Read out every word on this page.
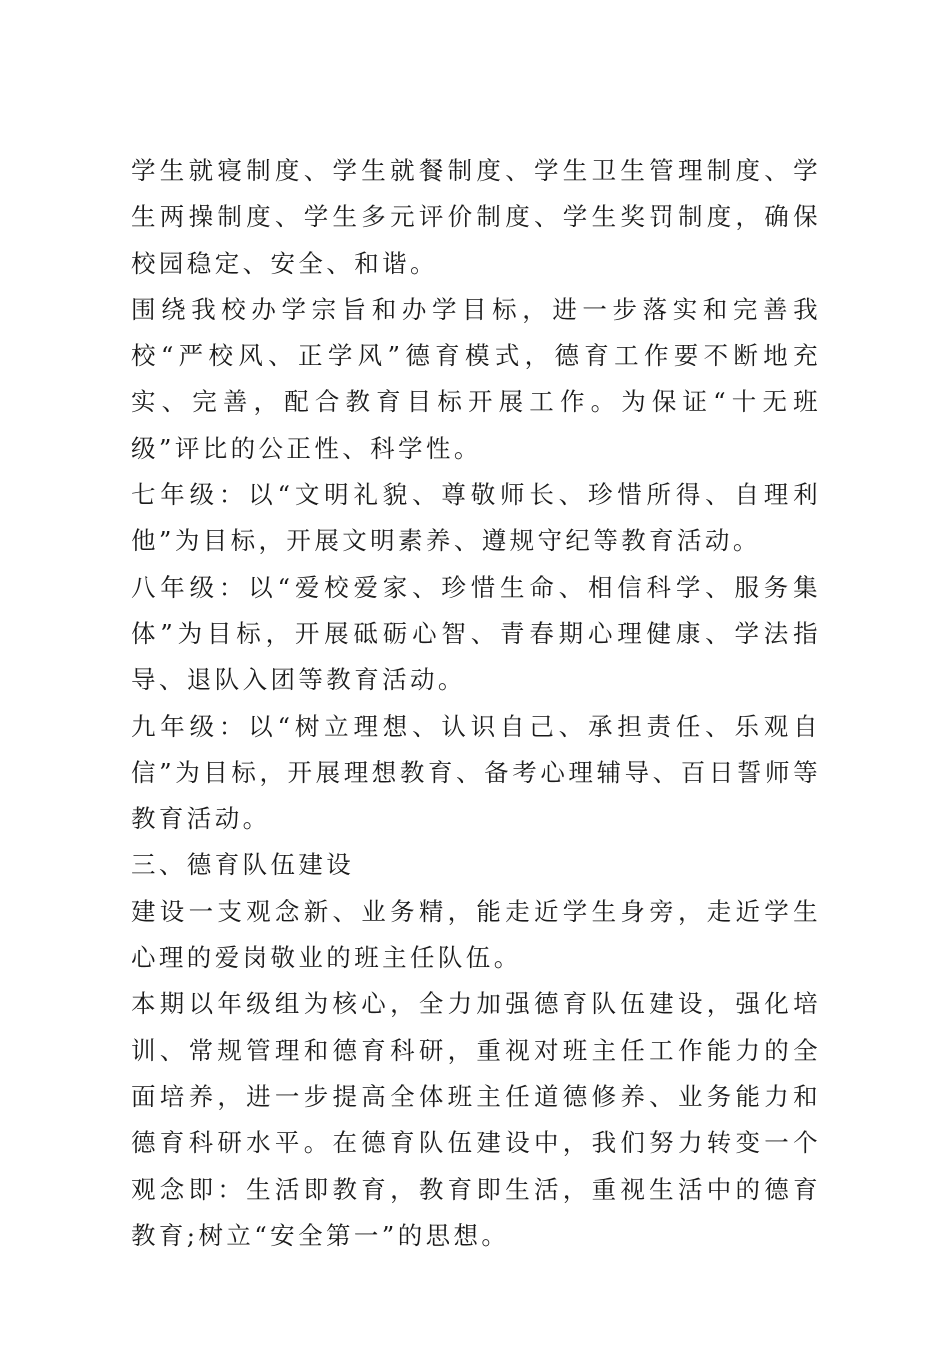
学生就寝制度、学生就餐制度、学生卫生管理制度、学生两操制度、学生多元评价制度、学生奖罚制度，确保校园稳定、安全、和谐。

围绕我校办学宗旨和办学目标，进一步落实和完善我校“严校风、正学风”德育模式，德育工作要不断地充实、完善，配合教育目标开展工作。为保证“十无班级”评比的公正性、科学性。

七年级：以“文明礼貌、尊敬师长、珍惜所得、自理利他”为目标，开展文明素养、遵规守纪等教育活动。

八年级：以“爱校爱家、珍惜生命、相信科学、服务集体”为目标，开展砥砺心智、青春期心理健康、学法指导、退队入团等教育活动。

九年级：以“树立理想、认识自己、承担责任、乐观自信”为目标，开展理想教育、备考心理辅导、百日誓师等教育活动。

三、德育队伍建设

建设一支观念新、业务精，能走近学生身旁，走近学生心理的爱岗敬业的班主任队伍。

本期以年级组为核心，全力加强德育队伍建设，强化培训、常规管理和德育科研，重视对班主任工作能力的全面培养，进一步提高全体班主任道德修养、业务能力和德育科研水平。在德育队伍建设中，我们努力转变一个观念即：生活即教育，教育即生活，重视生活中的德育教育;树立“安全第一”的思想。
